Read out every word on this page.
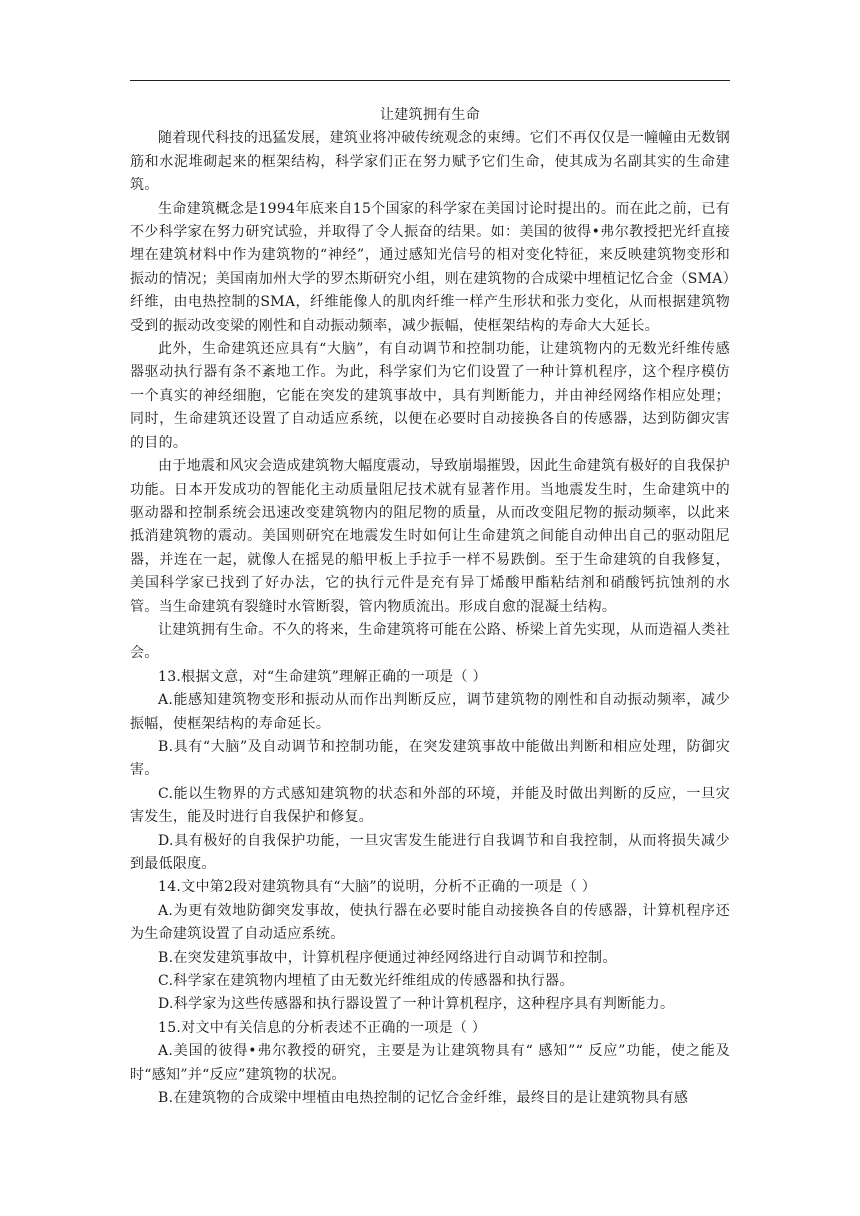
让建筑拥有生命

随着现代科技的迅猛发展，建筑业将冲破传统观念的束缚。它们不再仅仅是一幢幢由无数钢筋和水泥堆砌起来的框架结构，科学家们正在努力赋予它们生命，使其成为名副其实的生命建筑。

生命建筑概念是1994年底来自15个国家的科学家在美国讨论时提出的。而在此之前，已有不少科学家在努力研究试验，并取得了令人振奋的结果。如：美国的彼得•弗尔教授把光纤直接埋在建筑材料中作为建筑物的“神经”，通过感知光信号的相对变化特征，来反映建筑物变形和振动的情况；美国南加州大学的罗杰斯研究小组，则在建筑物的合成梁中埋植记忆合金（SMA）纤维，由电热控制的SMA，纤维能像人的肌肉纤维一样产生形状和张力变化，从而根据建筑物受到的振动改变梁的刚性和自动振动频率，减少振幅，使框架结构的寿命大大延长。

此外，生命建筑还应具有“大脑”，有自动调节和控制功能，让建筑物内的无数光纤维传感器驱动执行器有条不紊地工作。为此，科学家们为它们设置了一种计算机程序，这个程序模仿一个真实的神经细胞，它能在突发的建筑事故中，具有判断能力，并由神经网络作相应处理；同时，生命建筑还设置了自动适应系统，以便在必要时自动接换各自的传感器，达到防御灾害的目的。

由于地震和风灾会造成建筑物大幅度震动，导致崩塌摧毁，因此生命建筑有极好的自我保护功能。日本开发成功的智能化主动质量阻尼技术就有显著作用。当地震发生时，生命建筑中的驱动器和控制系统会迅速改变建筑物内的阻尼物的质量，从而改变阻尼物的振动频率，以此来抵消建筑物的震动。美国则研究在地震发生时如何让生命建筑之间能自动伸出自己的驱动阻尼器，并连在一起，就像人在摇晃的船甲板上手拉手一样不易跌倒。至于生命建筑的自我修复，美国科学家已找到了好办法，它的执行元件是充有异丁烯酸甲酯粘结剂和硝酸钙抗蚀剂的水管。当生命建筑有裂缝时水管断裂，管内物质流出。形成自愈的混凝土结构。

让建筑拥有生命。不久的将来，生命建筑将可能在公路、桥梁上首先实现，从而造福人类社会。

13.根据文意，对“生命建筑”理解正确的一项是（ ）

A.能感知建筑物变形和振动从而作出判断反应，调节建筑物的刚性和自动振动频率，减少振幅，使框架结构的寿命延长。

B.具有“大脑”及自动调节和控制功能，在突发建筑事故中能做出判断和相应处理，防御灾害。

C.能以生物界的方式感知建筑物的状态和外部的环境，并能及时做出判断的反应，一旦灾害发生，能及时进行自我保护和修复。

D.具有极好的自我保护功能，一旦灾害发生能进行自我调节和自我控制，从而将损失减少到最低限度。

14.文中第2段对建筑物具有“大脑”的说明，分析不正确的一项是（ ）

A.为更有效地防御突发事故，使执行器在必要时能自动接换各自的传感器，计算机程序还为生命建筑设置了自动适应系统。

B.在突发建筑事故中，计算机程序便通过神经网络进行自动调节和控制。

C.科学家在建筑物内埋植了由无数光纤维组成的传感器和执行器。

D.科学家为这些传感器和执行器设置了一种计算机程序，这种程序具有判断能力。

15.对文中有关信息的分析表述不正确的一项是（ ）

A.美国的彼得•弗尔教授的研究，主要是为让建筑物具有“ 感知”“ 反应”功能，使之能及时“感知”并“反应”建筑物的状况。

B.在建筑物的合成梁中埋植由电热控制的记忆合金纤维，最终目的是让建筑物具有感
